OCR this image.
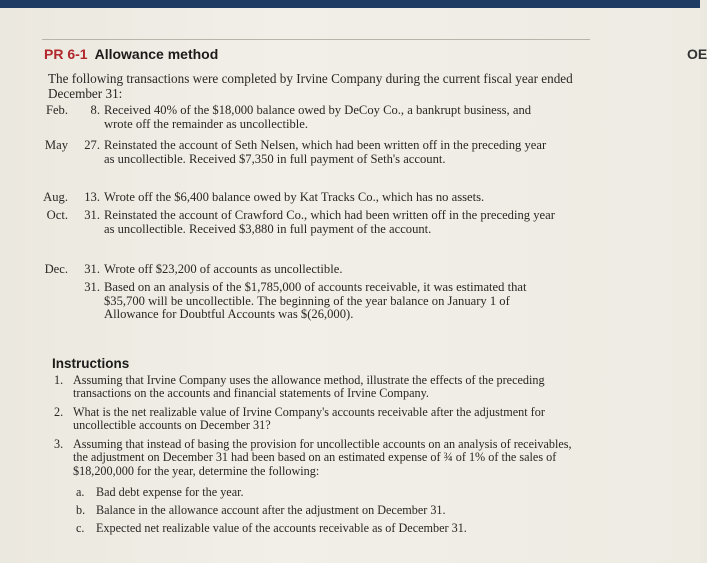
OE
PR 6-1 Allowance method
The following transactions were completed by Irvine Company during the current fiscal year ended December 31:
Feb.	8. Received 40% of the $18,000 balance owed by DeCoy Co., a bankrupt business, and wrote off the remainder as uncollectible.
May	27. Reinstated the account of Seth Nelsen, which had been written off in the preceding year as uncollectible. Received $7,350 in full payment of Seth's account.
Aug.	13. Wrote off the $6,400 balance owed by Kat Tracks Co., which has no assets.
Oct.	31. Reinstated the account of Crawford Co., which had been written off in the preceding year as uncollectible. Received $3,880 in full payment of the account.
Dec.	31. Wrote off $23,200 of accounts as uncollectible.
31. Based on an analysis of the $1,785,000 of accounts receivable, it was estimated that $35,700 will be uncollectible. The beginning of the year balance on January 1 of Allowance for Doubtful Accounts was $(26,000).
Instructions
1. Assuming that Irvine Company uses the allowance method, illustrate the effects of the preceding transactions on the accounts and financial statements of Irvine Company.
2. What is the net realizable value of Irvine Company's accounts receivable after the adjustment for uncollectible accounts on December 31?
3. Assuming that instead of basing the provision for uncollectible accounts on an analysis of receivables, the adjustment on December 31 had been based on an estimated expense of ¾ of 1% of the sales of $18,200,000 for the year, determine the following:
a. Bad debt expense for the year.
b. Balance in the allowance account after the adjustment on December 31.
c. Expected net realizable value of the accounts receivable as of December 31.
